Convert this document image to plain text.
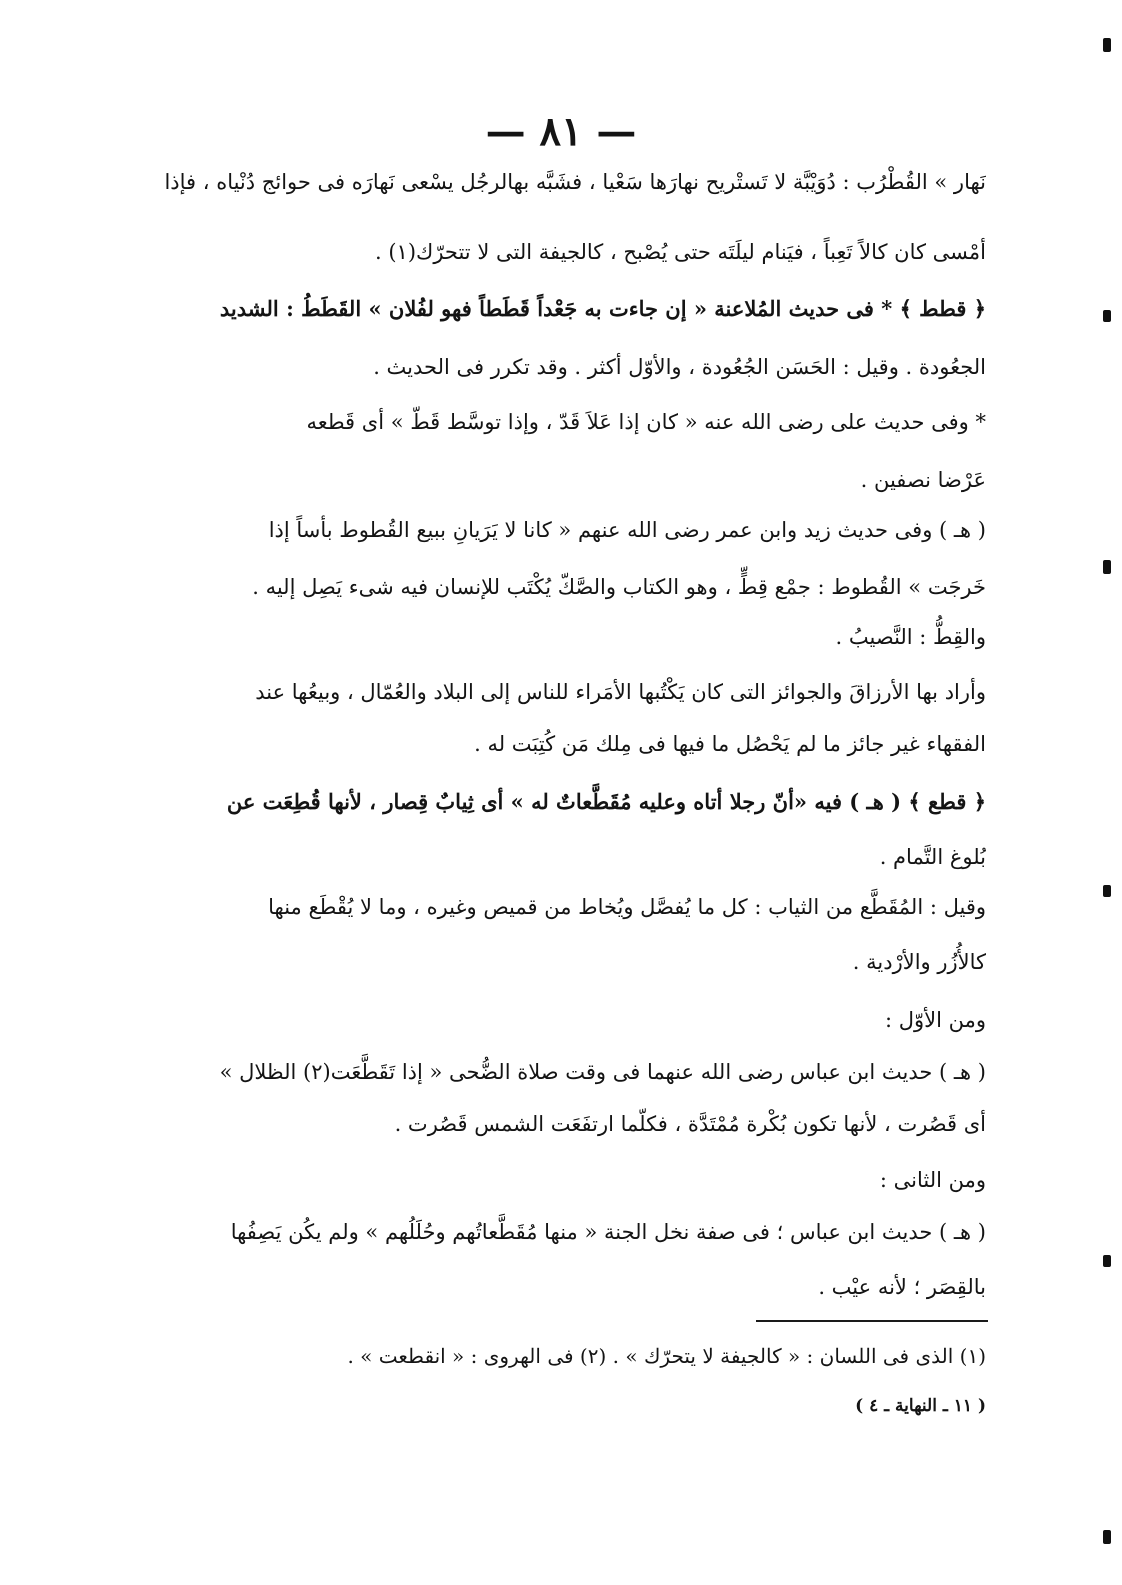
— ٨١ —
نَهار » القُطْرُب : دُوَيْبَّة لا تَستْريح نهارَها سَعْيا ، فشَبَّه بهالرجُل يسْعى نَهارَه فى حوائج دُنْياه ، فإذا
أمْسى كان كالاً تَعِباً ، فيَنام ليلَتَه حتى يُصْبح ، كالجيفة التى لا تتحرّك(١) .
﴿ قطط ﴾ * فى حديث المُلاعنة « إن جاءت به جَعْداً قَطَطاً فهو لفُلان » القَطَطُ : الشديد
الجعُودة . وقيل : الحَسَن الجُعُودة ، والأوّل أكثر . وقد تكرر فى الحديث .
* وفى حديث على رضى الله عنه « كان إذا عَلاَ قَدّ ، وإذا توسَّط قَطّ » أى قَطعه
عَرْضا نصفين .
( هـ ) وفى حديث زيد وابن عمر رضى الله عنهم « كانا لا يَرَيانِ ببيع القُطوط بأساً إذا
خَرجَت » القُطوط : جمْع قِطٍّ ، وهو الكتاب والصَّكّ يُكْتَب للإنسان فيه شىء يَصِل إليه .
والقِطُّ : النَّصيبُ .
وأراد بها الأرزاقَ والجوائز التى كان يَكْتُبها الأمَراء للناس إلى البلاد والعُمّال ، وبيعُها عند
الفقهاء غير جائز ما لم يَحْصُل ما فيها فى مِلك مَن كُتِبَت له .
﴿ قطع ﴾ ( هـ ) فيه «أنّ رجلا أتاه وعليه مُقَطَّعاتٌ له » أى ثِيابٌ قِصار ، لأنها قُطِعَت عن
بُلوغ التَّمام .
وقيل : المُقَطَّع من الثياب : كل ما يُفصَّل ويُخاط من قميص وغيره ، وما لا يُقْطَع منها
كالأُزُر والأرْدية .
ومن الأوّل :
( هـ ) حديث ابن عباس رضى الله عنهما فى وقت صلاة الضُّحى « إذا تَقَطَّعَت(٢) الظلال »
أى قَصُرت ، لأنها تكون بُكْرة مُمْتَدَّة ، فكلّما ارتفَعَت الشمس قَصُرت .
ومن الثانى :
( هـ ) حديث ابن عباس ؛ فى صفة نخل الجنة « منها مُقَطَّعاتُهم وحُلَلُهم » ولم يكُن يَصِفُها
بالقِصَر ؛ لأنه عيْب .
(١) الذى فى اللسان : « كالجيفة لا يتحرّك » . (٢) فى الهروى : « انقطعت » .
( ١١ ـ النهاية ـ ٤ )
